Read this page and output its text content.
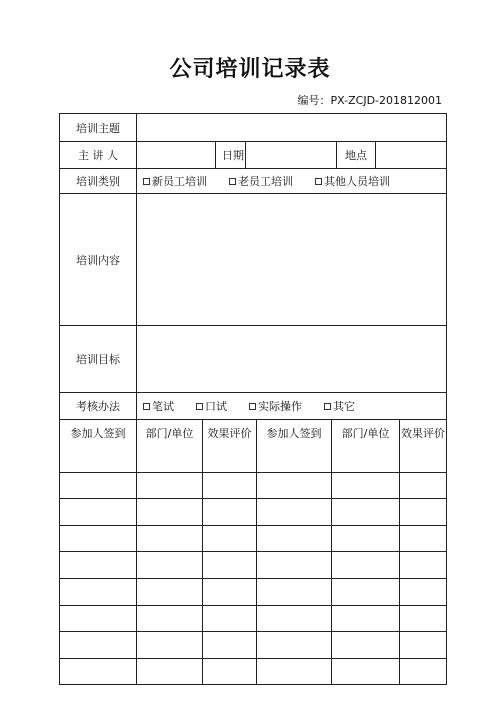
公司培训记录表
编号：PX-ZCJD-201812001
培训主题
主 讲 人	日期	地点
培训类别	新员工培训	老员工培训	其他人员培训
培训内容
培训目标
考核办法	笔试	口试	实际操作	其它
参加人签到	部门/单位	效果评价	参加人签到	部门/单位	效果评价
